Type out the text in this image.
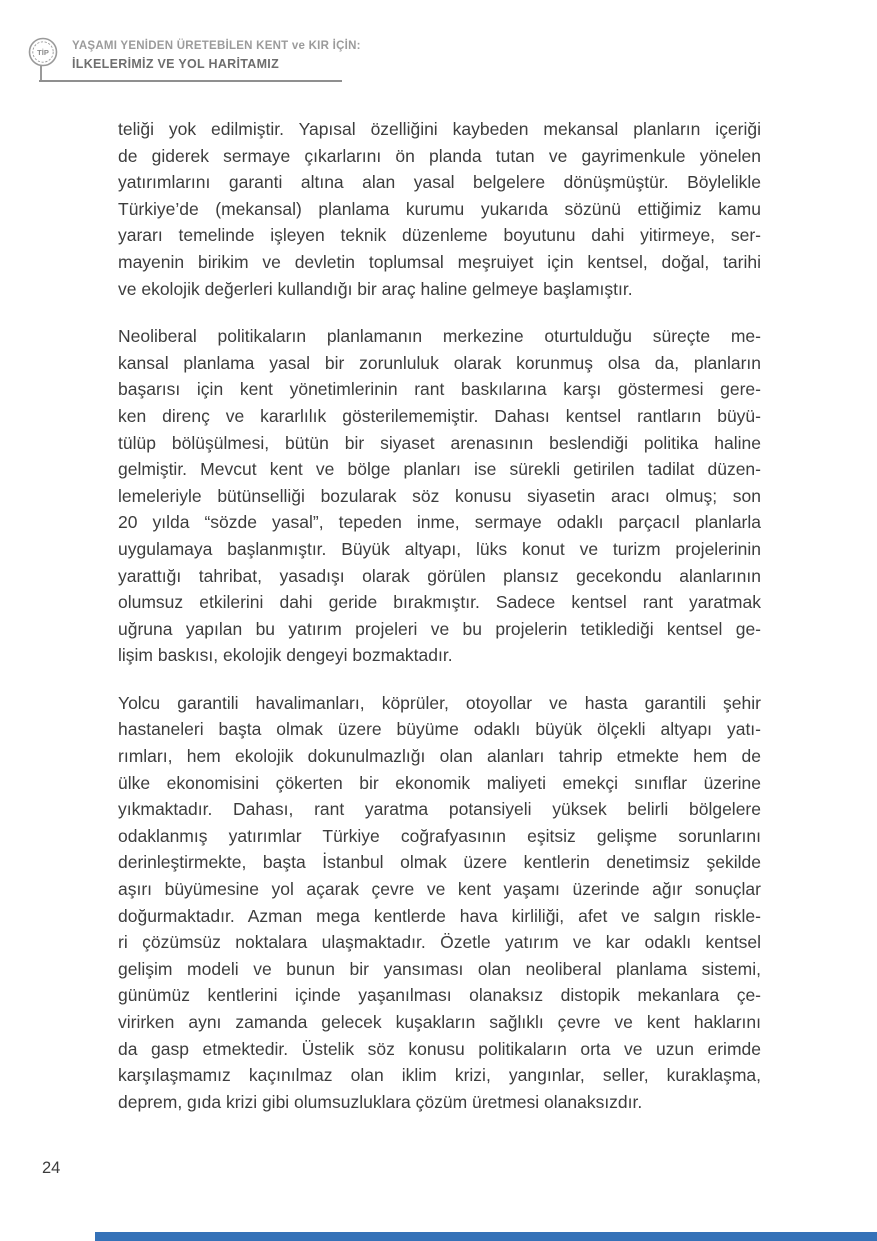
TİP
YAŞAMI YENİDEN ÜRETEBİLEN KENT ve KIR İÇİN:
İLKELERİMİZ VE YOL HARİTAMIZ
teliği yok edilmiştir. Yapısal özelliğini kaybeden mekansal planların içeriği
de giderek sermaye çıkarlarını ön planda tutan ve gayrimenkule yönelen
yatırımlarını garanti altına alan yasal belgelere dönüşmüştür. Böylelikle
Türkiye’de (mekansal) planlama kurumu yukarıda sözünü ettiğimiz kamu
yararı temelinde işleyen teknik düzenleme boyutunu dahi yitirmeye, ser-
mayenin birikim ve devletin toplumsal meşruiyet için kentsel, doğal, tarihi
ve ekolojik değerleri kullandığı bir araç haline gelmeye başlamıştır.
Neoliberal politikaların planlamanın merkezine oturtulduğu süreçte me-
kansal planlama yasal bir zorunluluk olarak korunmuş olsa da, planların
başarısı için kent yönetimlerinin rant baskılarına karşı göstermesi gere-
ken direnç ve kararlılık gösterilememiştir. Dahası kentsel rantların büyü-
tülüp bölüşülmesi, bütün bir siyaset arenasının beslendiği politika haline
gelmiştir. Mevcut kent ve bölge planları ise sürekli getirilen tadilat düzen-
lemeleriyle bütünselliği bozularak söz konusu siyasetin aracı olmuş; son
20 yılda “sözde yasal”, tepeden inme, sermaye odaklı parçacıl planlarla
uygulamaya başlanmıştır. Büyük altyapı, lüks konut ve turizm projelerinin
yarattığı tahribat, yasadışı olarak görülen plansız gecekondu alanlarının
olumsuz etkilerini dahi geride bırakmıştır. Sadece kentsel rant yaratmak
uğruna yapılan bu yatırım projeleri ve bu projelerin tetiklediği kentsel ge-
lişim baskısı, ekolojik dengeyi bozmaktadır.
Yolcu garantili havalimanları, köprüler, otoyollar ve hasta garantili şehir
hastaneleri başta olmak üzere büyüme odaklı büyük ölçekli altyapı yatı-
rımları, hem ekolojik dokunulmazlığı olan alanları tahrip etmekte hem de
ülke ekonomisini çökerten bir ekonomik maliyeti emekçi sınıflar üzerine
yıkmaktadır. Dahası, rant yaratma potansiyeli yüksek belirli bölgelere
odaklanmış yatırımlar Türkiye coğrafyasının eşitsiz gelişme sorunlarını
derinleştirmekte, başta İstanbul olmak üzere kentlerin denetimsiz şekilde
aşırı büyümesine yol açarak çevre ve kent yaşamı üzerinde ağır sonuçlar
doğurmaktadır. Azman mega kentlerde hava kirliliği, afet ve salgın riskle-
ri çözümsüz noktalara ulaşmaktadır. Özetle yatırım ve kar odaklı kentsel
gelişim modeli ve bunun bir yansıması olan neoliberal planlama sistemi,
günümüz kentlerini içinde yaşanılması olanaksız distopik mekanlara çe-
virirken aynı zamanda gelecek kuşakların sağlıklı çevre ve kent haklarını
da gasp etmektedir. Üstelik söz konusu politikaların orta ve uzun erimde
karşılaşmamız kaçınılmaz olan iklim krizi, yangınlar, seller, kuraklaşma,
deprem, gıda krizi gibi olumsuzluklara çözüm üretmesi olanaksızdır.
24
